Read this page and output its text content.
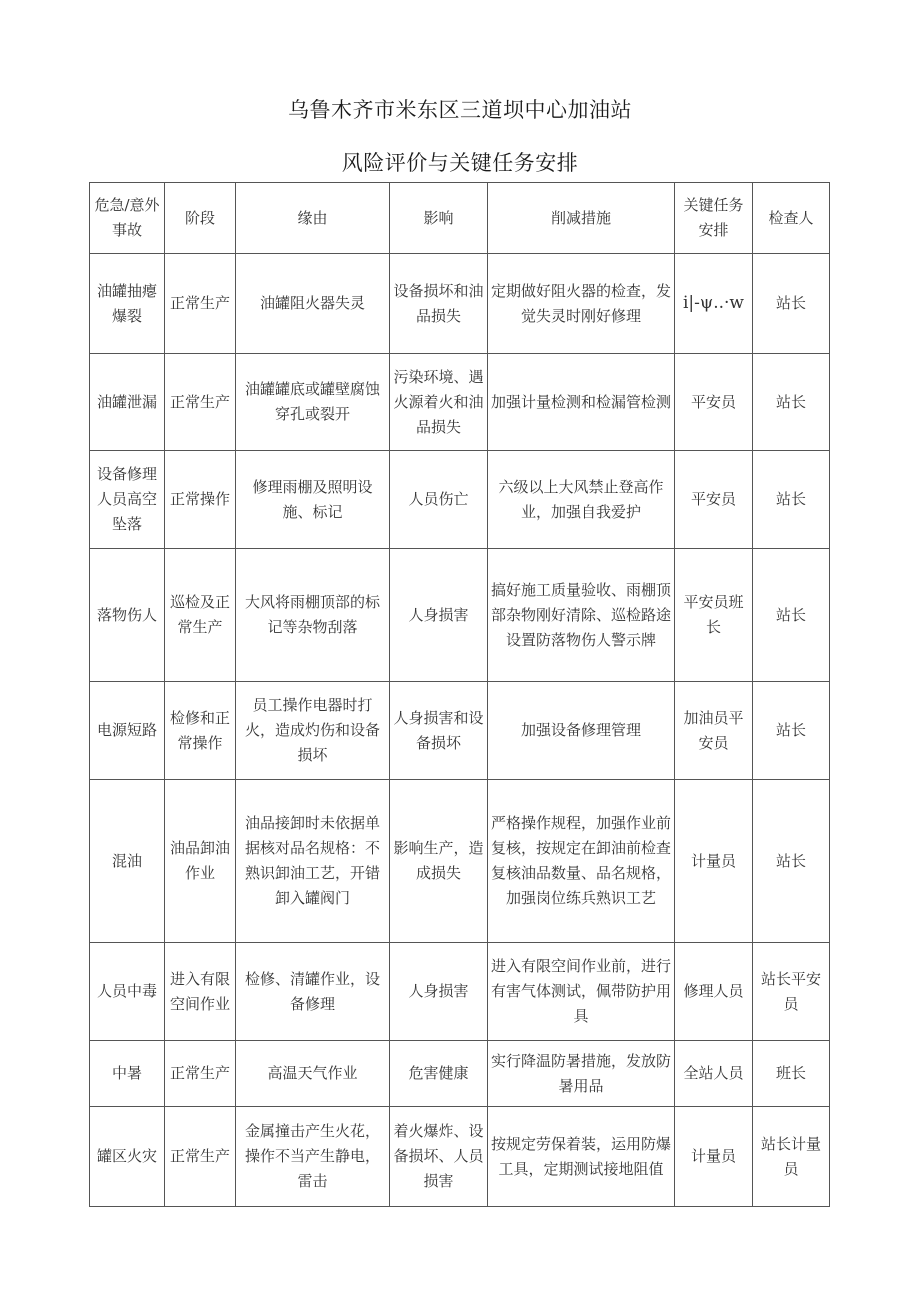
乌鲁木齐市米东区三道坝中心加油站
风险评价与关键任务安排
危急/意外事故	阶段	缘由	影响	削减措施	关键任务安排	检查人
油罐抽瘪爆裂	正常生产	油罐阻火器失灵	设备损坏和油品损失	定期做好阻火器的检查，发觉失灵时刚好修理	i|-ψ..·w	站长
油罐泄漏	正常生产	油罐罐底或罐壁腐蚀穿孔或裂开	污染环境、遇火源着火和油品损失	加强计量检测和检漏管检测	平安员	站长
设备修理人员高空坠落	正常操作	修理雨棚及照明设施、标记	人员伤亡	六级以上大风禁止登高作业，加强自我爱护	平安员	站长
落物伤人	巡检及正常生产	大风将雨棚顶部的标记等杂物刮落	人身损害	搞好施工质量验收、雨棚顶部杂物刚好清除、巡检路途设置防落物伤人警示牌	平安员班长	站长
电源短路	检修和正常操作	员工操作电器时打火，造成灼伤和设备损坏	人身损害和设备损坏	加强设备修理管理	加油员平安员	站长
混油	油品卸油作业	油品接卸时未依据单据核对品名规格：不熟识卸油工艺，开错卸入罐阀门	影响生产，造成损失	严格操作规程，加强作业前复核，按规定在卸油前检查复核油品数量、品名规格，加强岗位练兵熟识工艺	计量员	站长
人员中毒	进入有限空间作业	检修、清罐作业，设备修理	人身损害	进入有限空间作业前，进行有害气体测试，佩带防护用具	修理人员	站长平安员
中暑	正常生产	高温天气作业	危害健康	实行降温防暑措施，发放防暑用品	全站人员	班长
罐区火灾	正常生产	金属撞击产生火花，操作不当产生静电，雷击	着火爆炸、设备损坏、人员损害	按规定劳保着装，运用防爆工具，定期测试接地阻值	计量员	站长计量员
